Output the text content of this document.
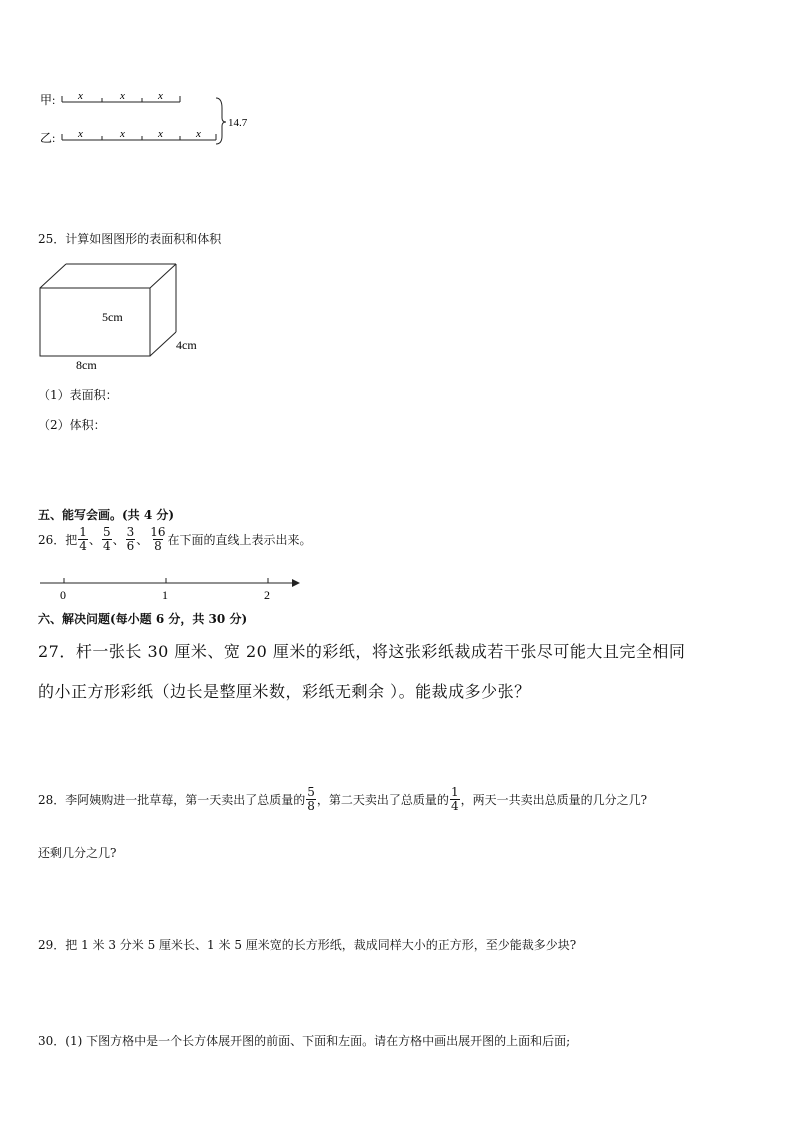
甲: x	x	x
乙: x	x	x	x
14.7
25．计算如图图形的表面积和体积
5cm
4cm
8cm
（1）表面积：
（2）体积：
五、能写会画。(共 4 分)
26．把 $\frac{1}{4}$ 、 $\frac{5}{4}$ 、 $\frac{3}{6}$ 、 $\frac{16}{8}$ 在下面的直线上表示出来。
0	1	2
六、解决问题(每小题 6 分，共 30 分)
27．杆一张长 30 厘米、宽 20 厘米的彩纸，将这张彩纸裁成若干张尽可能大且完全相同
的小正方形彩纸（边长是整厘米数，彩纸无剩余 ）。能裁成多少张？
28．李阿姨购进一批草莓，第一天卖出了总质量的 $\frac{5}{8}$ ，第二天卖出了总质量的 $\frac{1}{4}$ ，两天一共卖出总质量的几分之几?
还剩几分之几?
29．把 1 米 3 分米 5 厘米长、1 米 5 厘米宽的长方形纸，裁成同样大小的正方形，至少能裁多少块?
30．(1) 下图方格中是一个长方体展开图的前面、下面和左面。请在方格中画出展开图的上面和后面;
